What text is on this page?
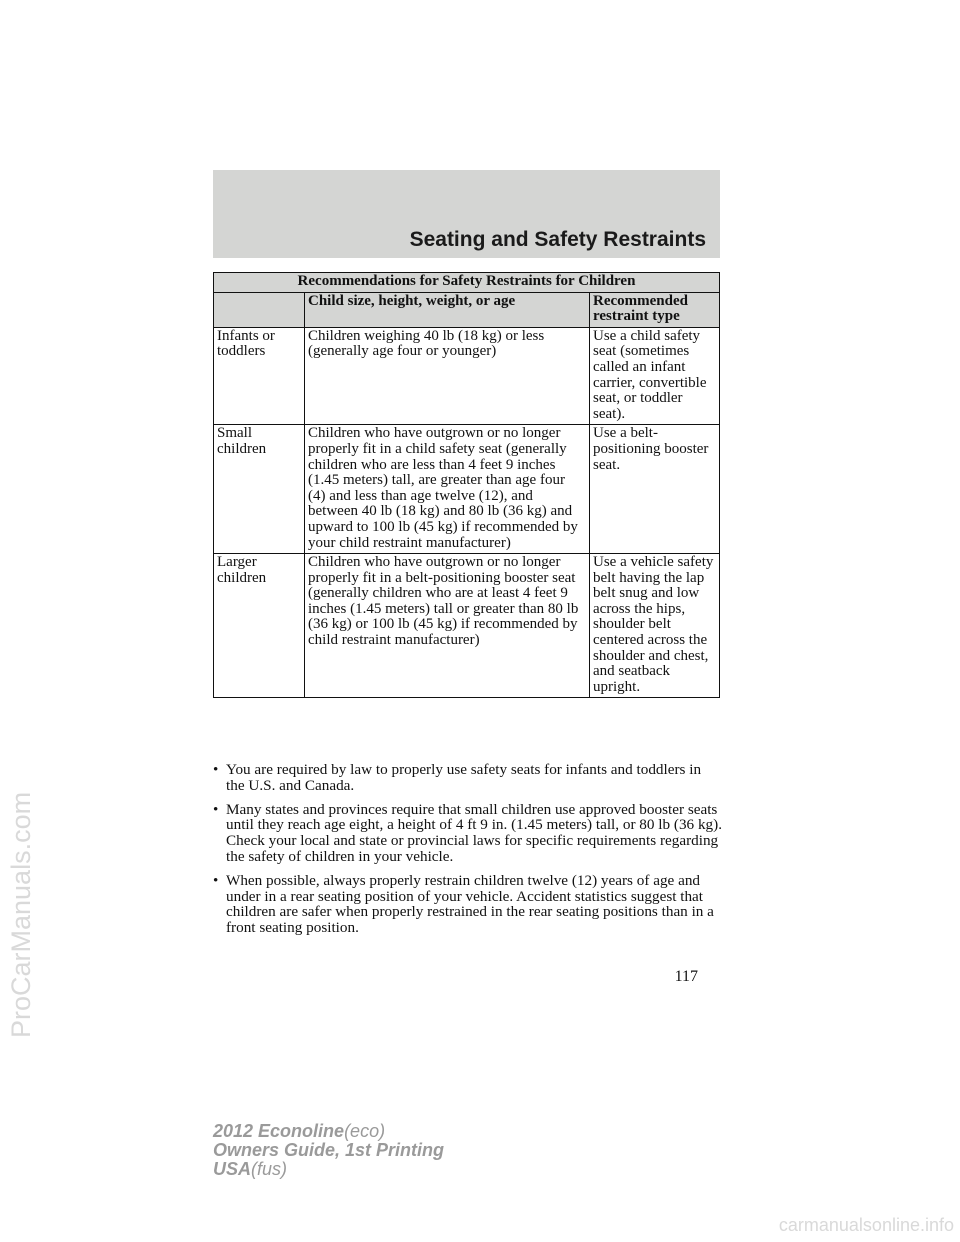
Seating and Safety Restraints
Recommendations for Safety Restraints for Children		
	Child size, height, weight, or age	Recommended restraint type
Infants or toddlers	Children weighing 40 lb (18 kg) or less (generally age four or younger)	Use a child safety seat (sometimes called an infant carrier, convertible seat, or toddler seat).
Small children	Children who have outgrown or no longer properly fit in a child safety seat (generally children who are less than 4 feet 9 inches (1.45 meters) tall, are greater than age four (4) and less than age twelve (12), and between 40 lb (18 kg) and 80 lb (36 kg) and upward to 100 lb (45 kg) if recommended by your child restraint manufacturer)	Use a belt-positioning booster seat.
Larger children	Children who have outgrown or no longer properly fit in a belt-positioning booster seat (generally children who are at least 4 feet 9 inches (1.45 meters) tall or greater than 80 lb (36 kg) or 100 lb (45 kg) if recommended by child restraint manufacturer)	Use a vehicle safety belt having the lap belt snug and low across the hips, shoulder belt centered across the shoulder and chest, and seatback upright.
• You are required by law to properly use safety seats for infants and toddlers in the U.S. and Canada.
• Many states and provinces require that small children use approved booster seats until they reach age eight, a height of 4 ft 9 in. (1.45 meters) tall, or 80 lb (36 kg). Check your local and state or provincial laws for specific requirements regarding the safety of children in your vehicle.
• When possible, always properly restrain children twelve (12) years of age and under in a rear seating position of your vehicle. Accident statistics suggest that children are safer when properly restrained in the rear seating positions than in a front seating position.
117
2012 Econoline(eco)
Owners Guide, 1st Printing
USA(fus)
ProCarManuals.com
carmanualsonline.info
